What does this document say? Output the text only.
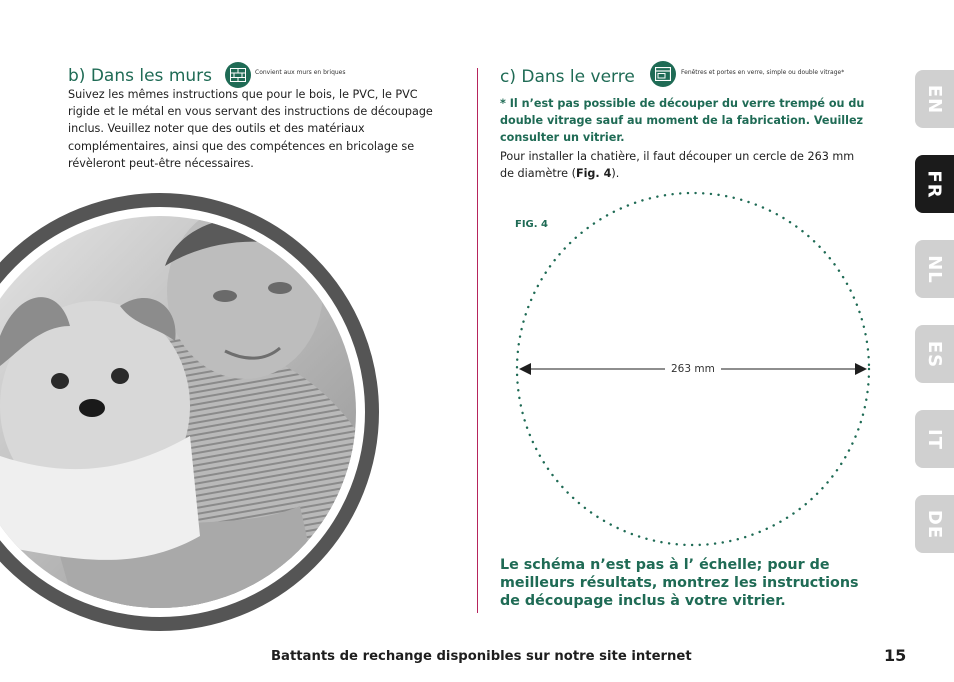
b) Dans les murs	Convient aux murs en briques

Suivez les mêmes instructions que pour le bois, le PVC, le PVC rigide et le métal en vous servant des instructions de découpage inclus. Veuillez noter que des outils et des matériaux complémentaires, ainsi que des compétences en bricolage se révèleront peut-être nécessaires.

c) Dans le verre	Fenêtres et portes en verre, simple ou double vitrage*

* Il n’est pas possible de découper du verre trempé ou du double vitrage sauf au moment de la fabrication. Veuillez consulter un vitrier.

Pour installer la chatière, il faut découper un cercle de 263 mm de diamètre (Fig. 4).

FIG. 4
263 mm
Le schéma n’est pas à l’ échelle; pour de meilleurs résultats, montrez les instructions de découpage inclus à votre vitrier.
EN
FR
NL
ES
IT
DE
Battants de rechange disponibles sur notre site internet	15
